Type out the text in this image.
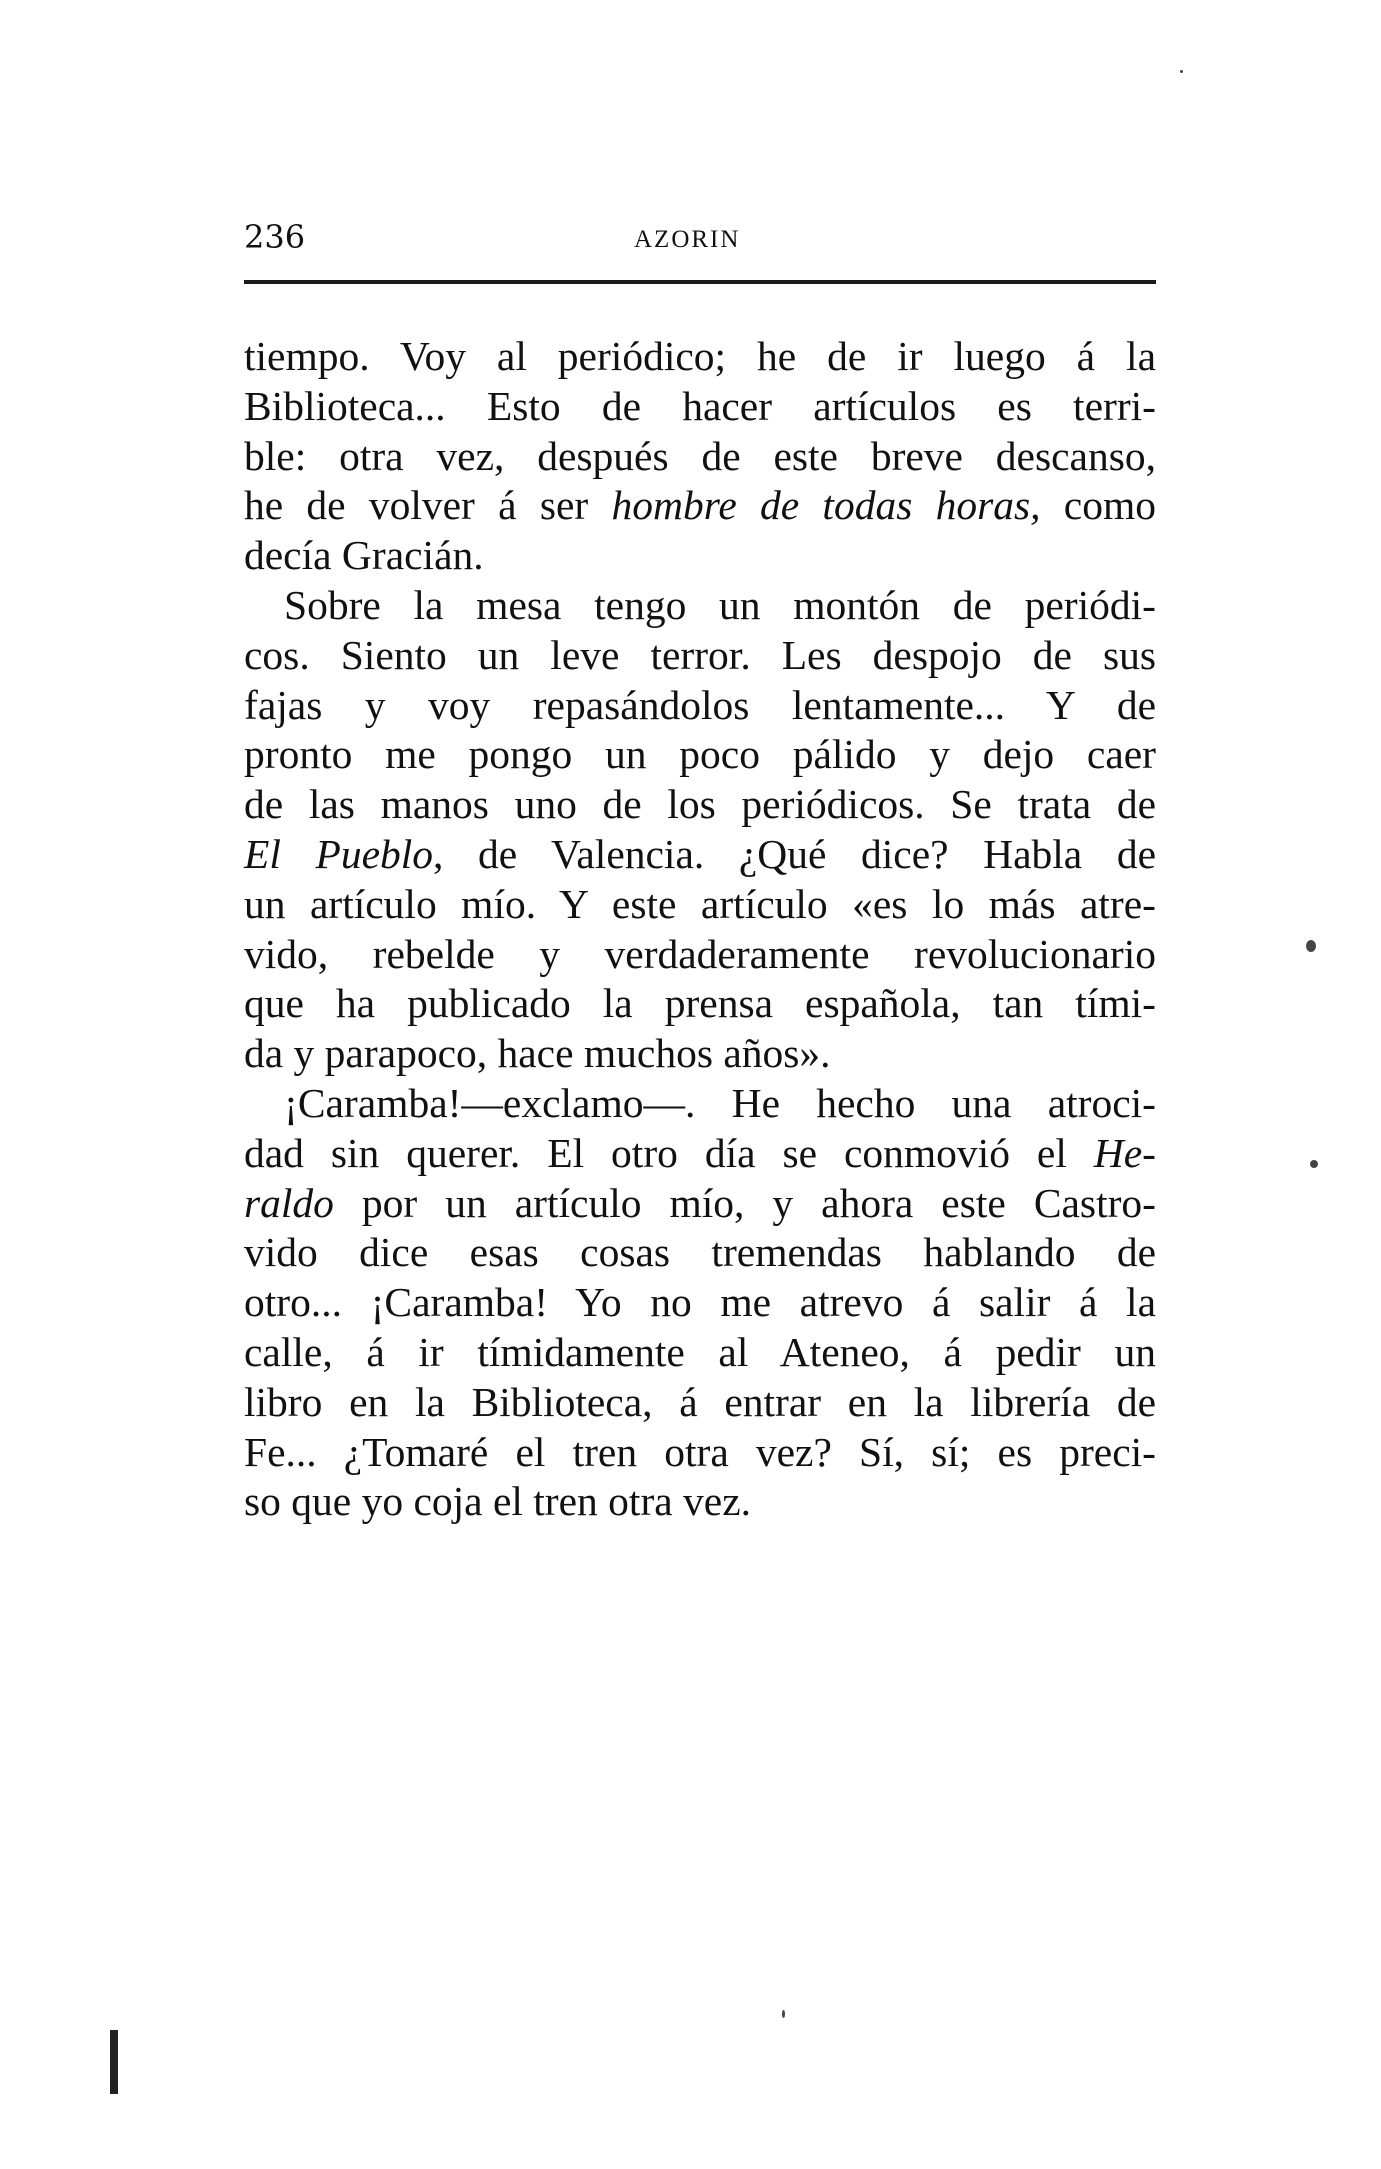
236	AZORIN
tiempo. Voy al periódico; he de ir luego á la
Biblioteca... Esto de hacer artículos es terri-
ble: otra vez, después de este breve descanso,
he de volver á ser hombre de todas horas, como
decía Gracián.
Sobre la mesa tengo un montón de periódi-
cos. Siento un leve terror. Les despojo de sus
fajas y voy repasándolos lentamente... Y de
pronto me pongo un poco pálido y dejo caer
de las manos uno de los periódicos. Se trata de
El Pueblo, de Valencia. ¿Qué dice? Habla de
un artículo mío. Y este artículo «es lo más atre-
vido, rebelde y verdaderamente revolucionario
que ha publicado la prensa española, tan tími-
da y parapoco, hace muchos años».
¡Caramba!—exclamo—. He hecho una atroci-
dad sin querer. El otro día se conmovió el He-
raldo por un artículo mío, y ahora este Castro-
vido dice esas cosas tremendas hablando de
otro... ¡Caramba! Yo no me atrevo á salir á la
calle, á ir tímidamente al Ateneo, á pedir un
libro en la Biblioteca, á entrar en la librería de
Fe... ¿Tomaré el tren otra vez? Sí, sí; es preci-
so que yo coja el tren otra vez.
